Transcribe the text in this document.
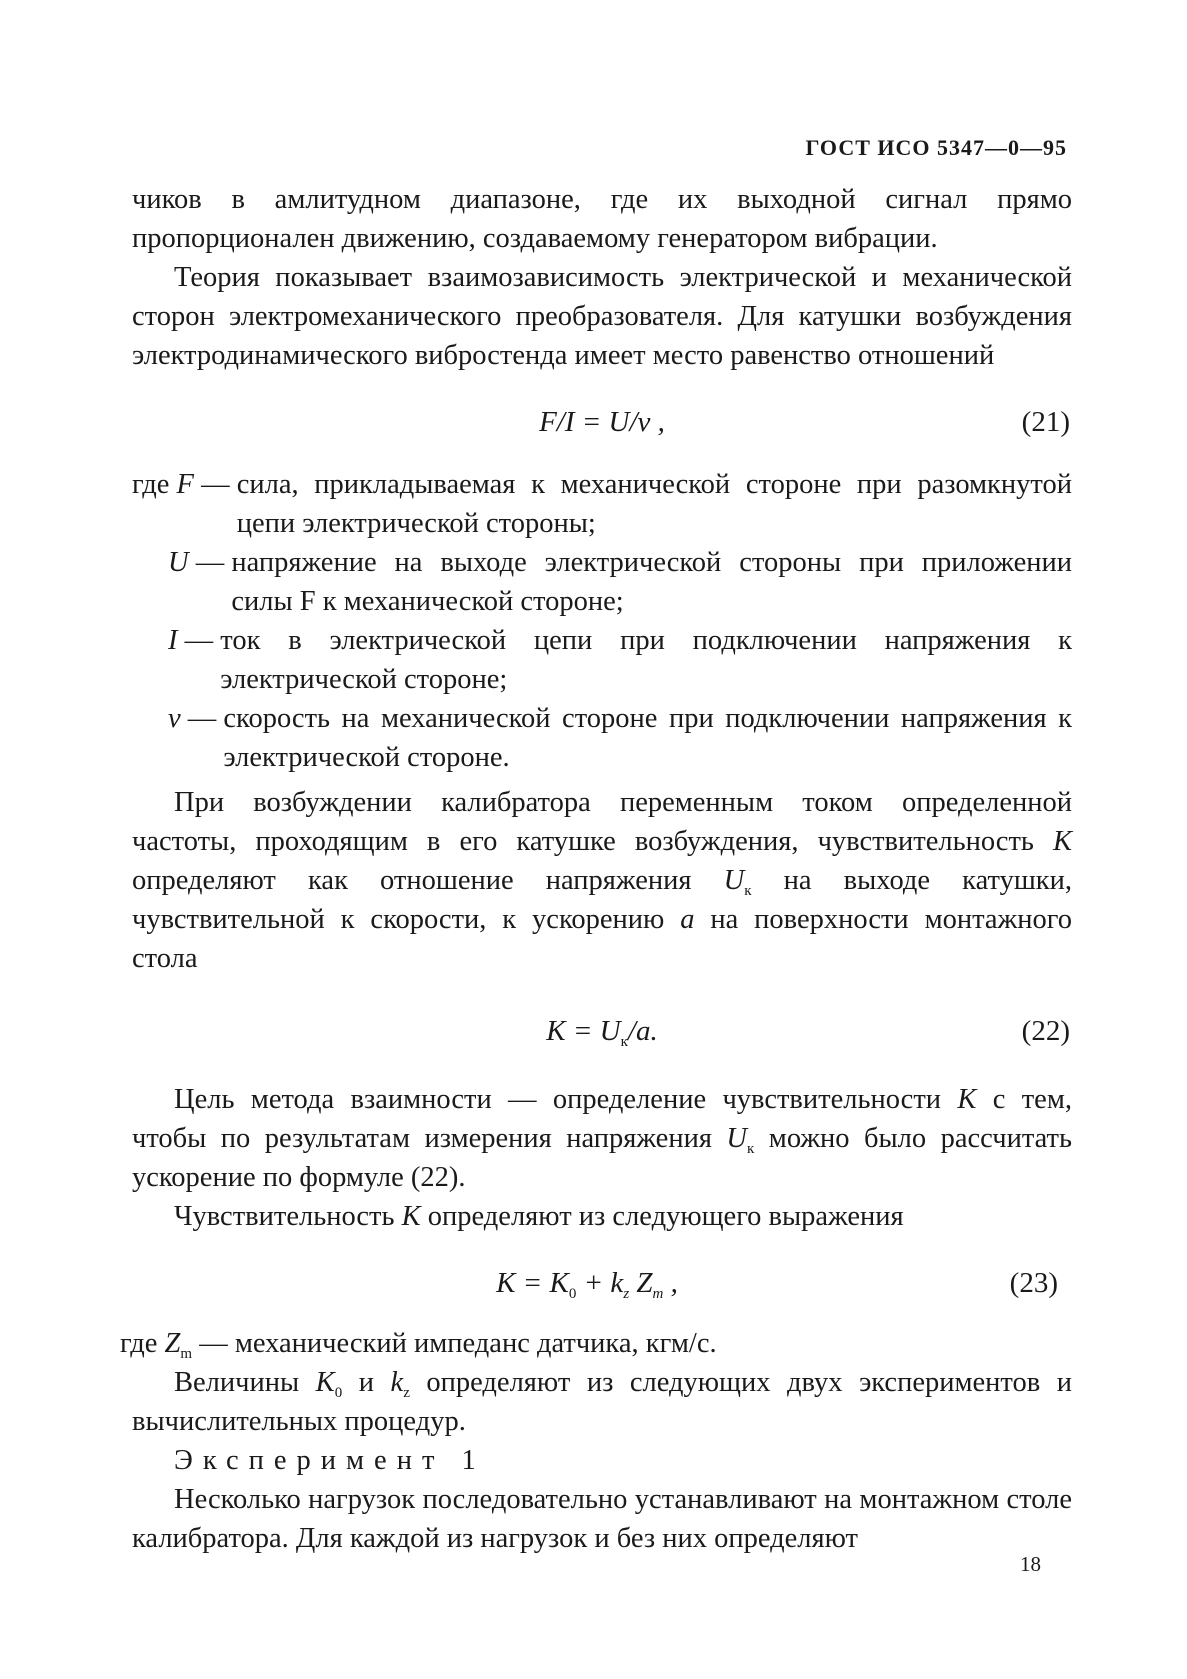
ГОСТ ИСО 5347—0—95

чиков в амлитудном диапазоне, где их выходной сигнал прямо пропорционален движению, создаваемому генератором вибрации.

Теория показывает взаимозависимость электрической и механической сторон электромеханического преобразователя. Для катушки возбуждения электродинамического вибростенда имеет место равенство отношений

F/I = U/v ,	(21)
где F — сила, прикладываемая к механической стороне при разомкнутой цепи электрической стороны;
U — напряжение на выходе электрической стороны при приложении силы F к механической стороне;
I — ток в электрической цепи при подключении напряжения к электрической стороне;
v — скорость на механической стороне при подключении напряжения к электрической стороне.

При возбуждении калибратора переменным током определенной частоты, проходящим в его катушке возбуждения, чувствительность K определяют как отношение напряжения $U_к$ на выходе катушки, чувствительной к скорости, к ускорению a на поверхности монтажного стола

$K = U_к/a$.	(22)

Цель метода взаимности — определение чувствительности K с тем, чтобы по результатам измерения напряжения $U_к$ можно было рассчитать ускорение по формуле (22).

Чувствительность K определяют из следующего выражения

$K = K_0 + k_z$ $Z_m$ ,	(23)

где $Z_m$ — механический импеданс датчика, кгм/с.

Величины $K_0$ и $k_z$ определяют из следующих двух экспериментов и вычислительных процедур.

Эксперимент 1

Несколько нагрузок последовательно устанавливают на монтажном столе калибратора. Для каждой из нагрузок и без них определяют

18
